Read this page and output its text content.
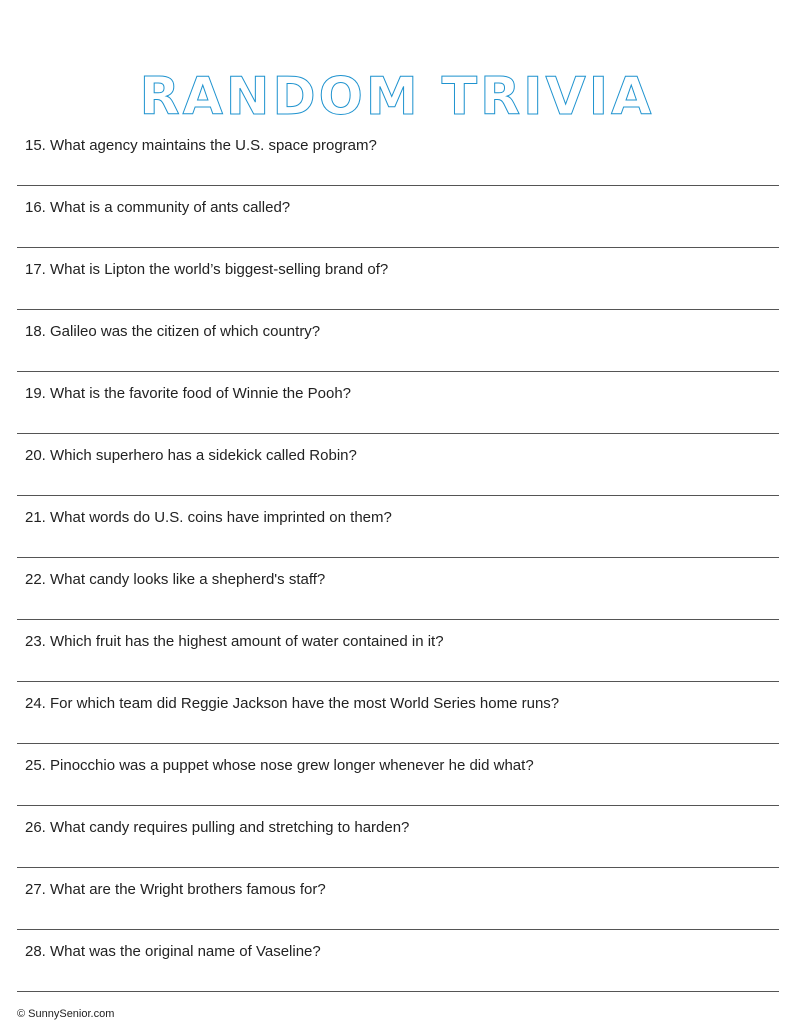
RANDOM TRIVIA
15. What agency maintains the U.S. space program?
16. What is a community of ants called?
17. What is Lipton the world’s biggest-selling brand of?
18. Galileo was the citizen of which country?
19. What is the favorite food of Winnie the Pooh?
20. Which superhero has a sidekick called Robin?
21. What words do U.S. coins have imprinted on them?
22. What candy looks like a shepherd's staff?
23. Which fruit has the highest amount of water contained in it?
24. For which team did Reggie Jackson have the most World Series home runs?
25. Pinocchio was a puppet whose nose grew longer whenever he did what?
26. What candy requires pulling and stretching to harden?
27. What are the Wright brothers famous for?
28. What was the original name of Vaseline?
© SunnySenior.com
